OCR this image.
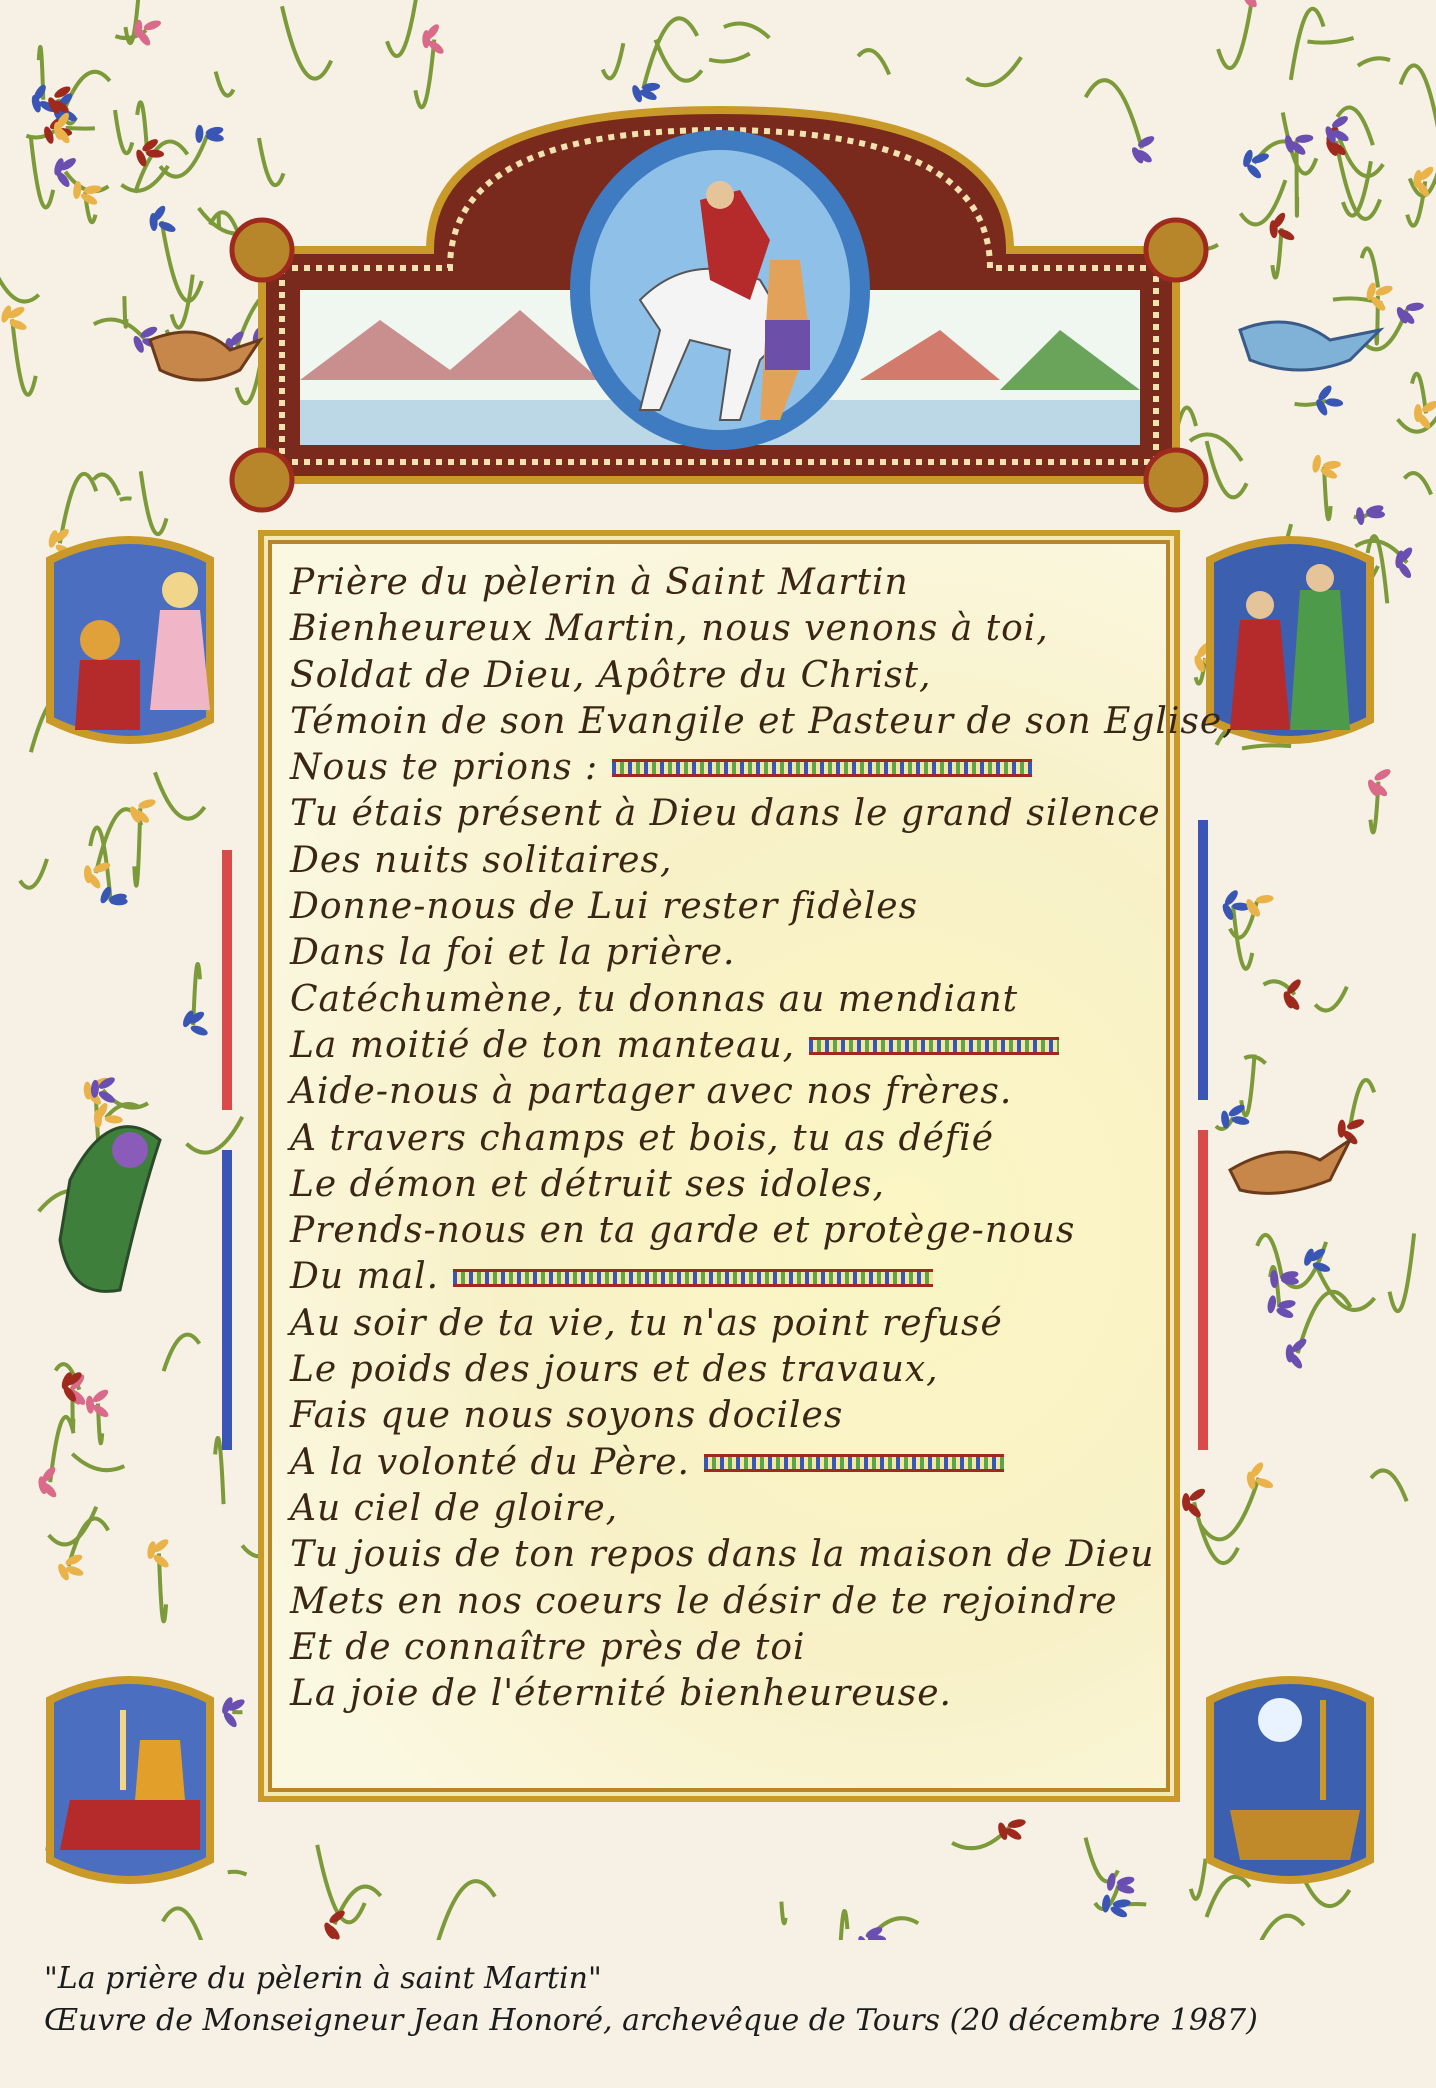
Prière du pèlerin à Saint Martin
Bienheureux Martin, nous venons à toi,
Soldat de Dieu, Apôtre du Christ,
Témoin de son Evangile et Pasteur de son Eglise,
Nous te prions :
Tu étais présent à Dieu dans le grand silence
Des nuits solitaires,
Donne-nous de Lui rester fidèles
Dans la foi et la prière.
Catéchumène, tu donnas au mendiant
La moitié de ton manteau,
Aide-nous à partager avec nos frères.
A travers champs et bois, tu as défié
Le démon et détruit ses idoles,
Prends-nous en ta garde et protège-nous
Du mal.
Au soir de ta vie, tu n'as point refusé
Le poids des jours et des travaux,
Fais que nous soyons dociles
A la volonté du Père.
Au ciel de gloire,
Tu jouis de ton repos dans la maison de Dieu
Mets en nos coeurs le désir de te rejoindre
Et de connaître près de toi
La joie de l'éternité bienheureuse.
"La prière du pèlerin à saint Martin"
Œuvre de Monseigneur Jean Honoré, archevêque de Tours (20 décembre 1987)
